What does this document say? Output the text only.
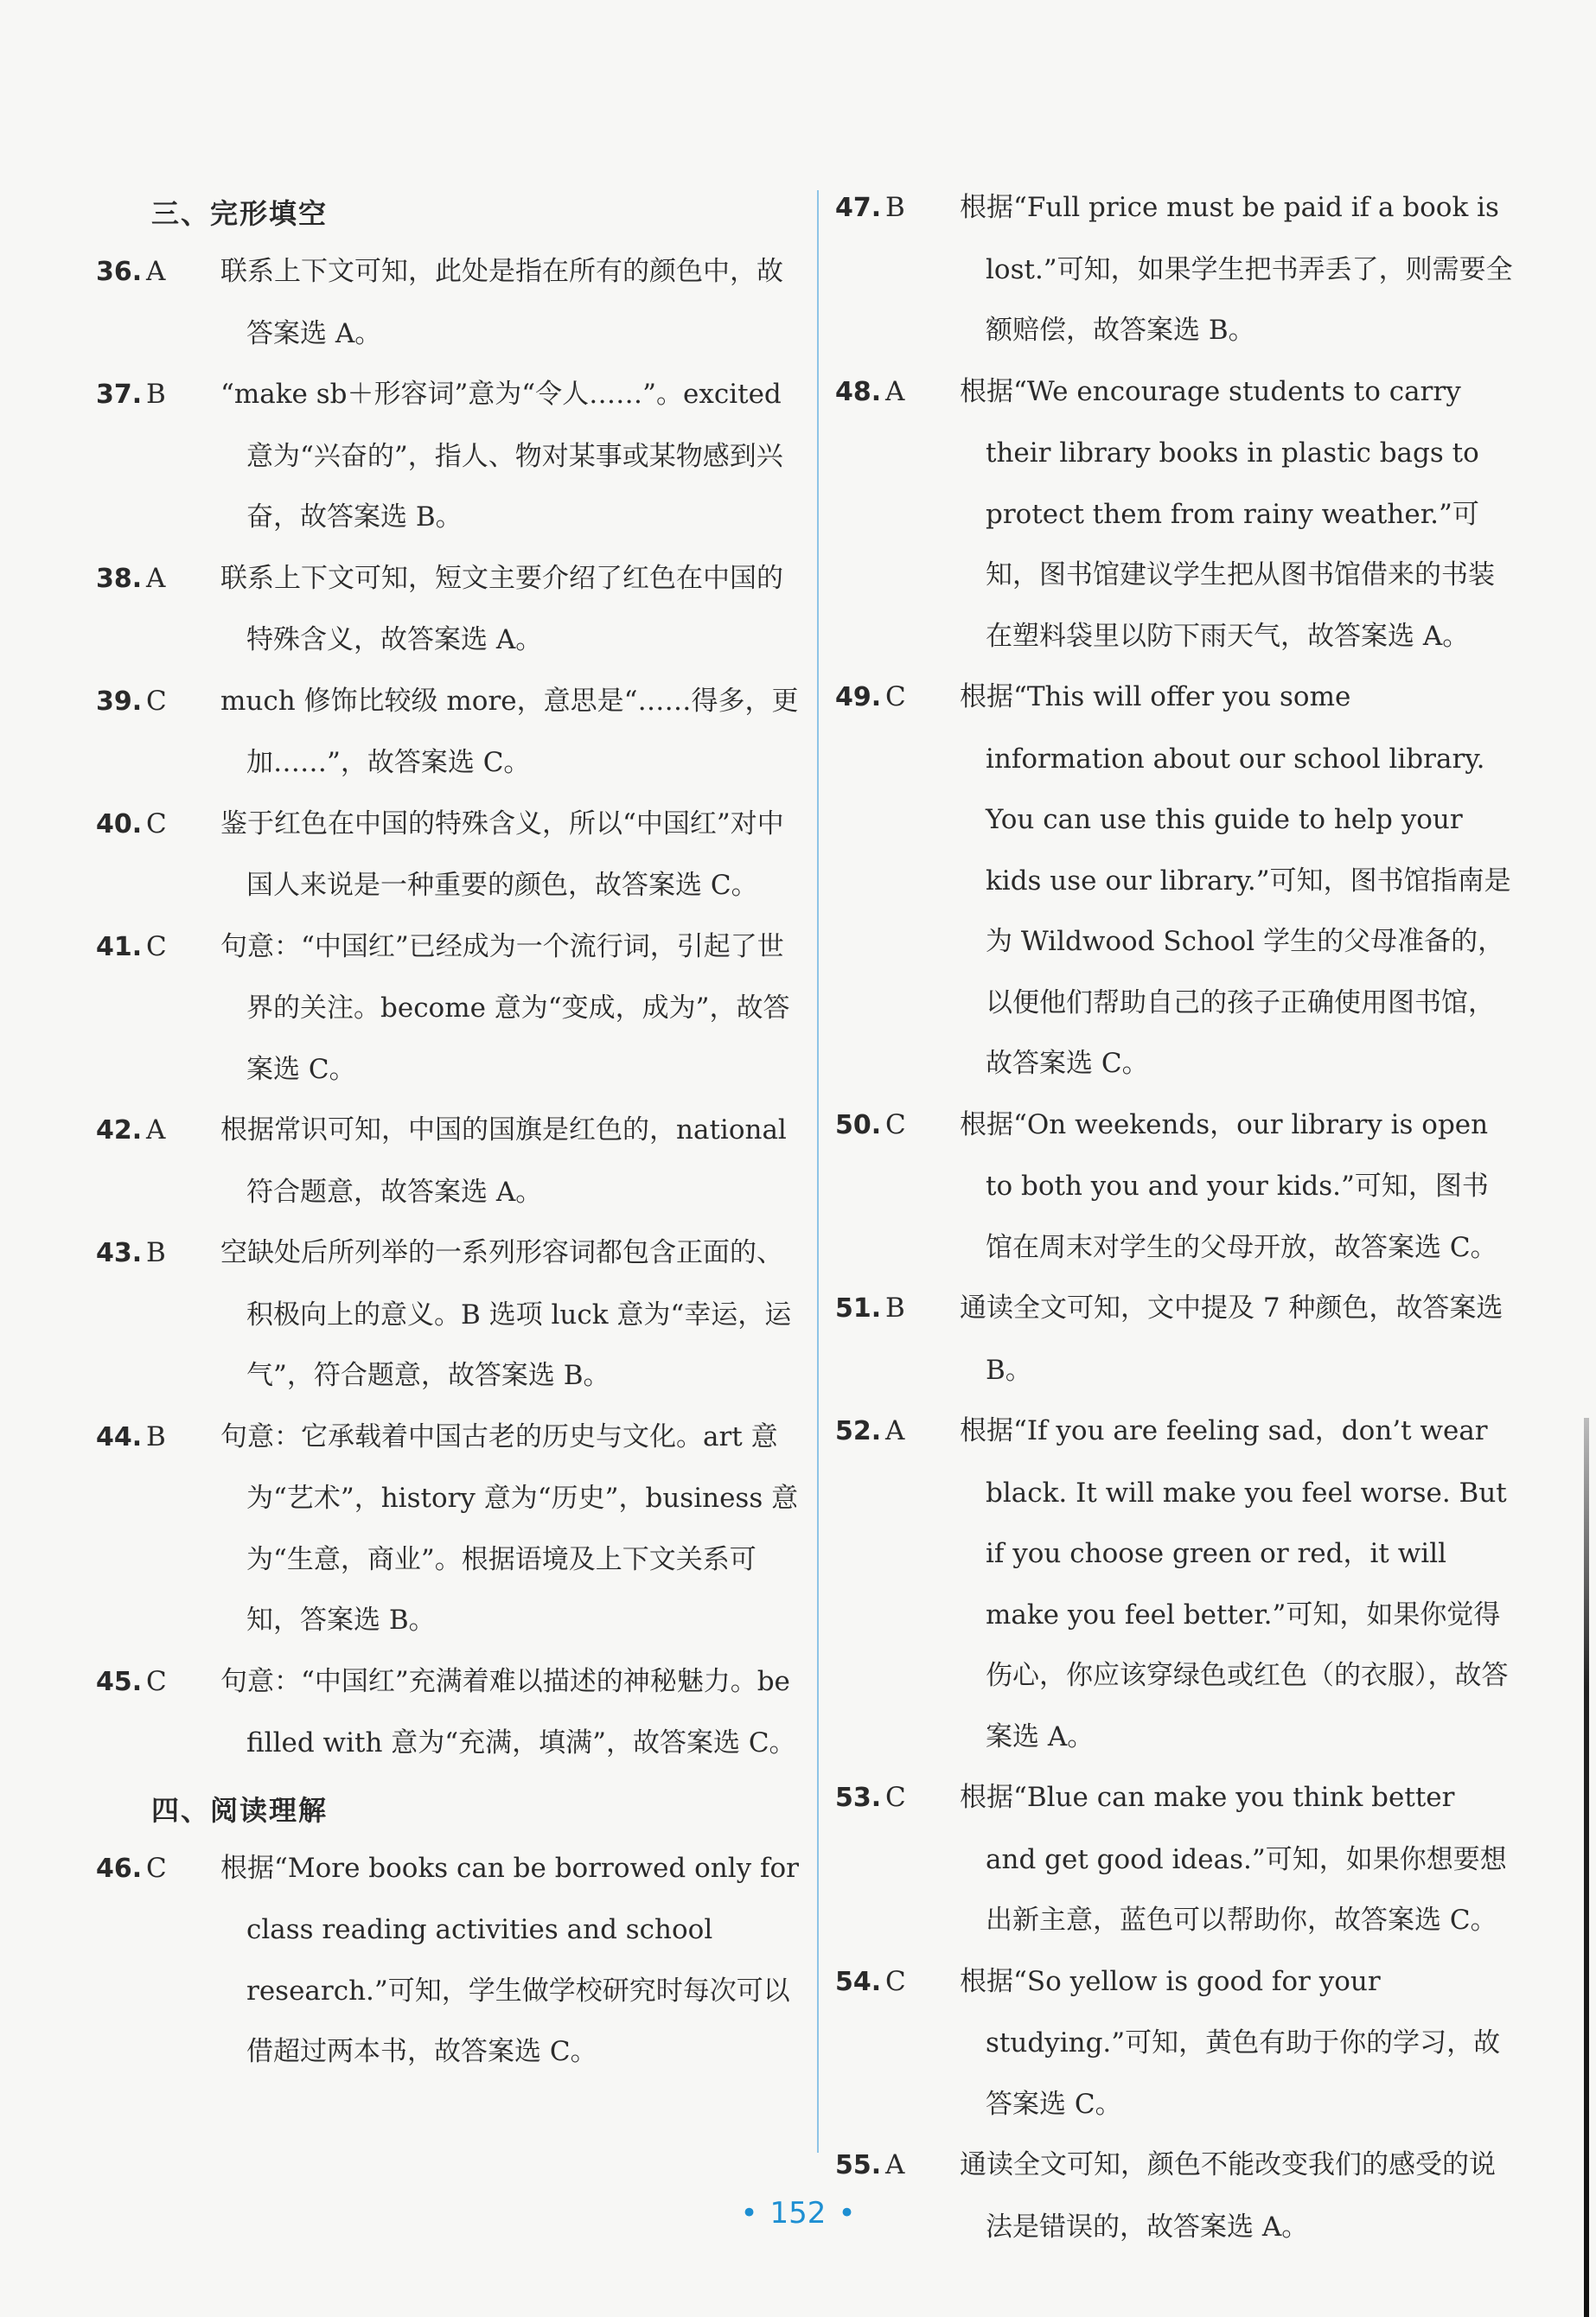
三、完形填空
36. A 联系上下文可知，此处是指在所有的颜色中，故答案选 A。
37. B “make sb＋形容词”意为“令人……”。excited 意为“兴奋的”，指人、物对某事或某物感到兴奋，故答案选 B。
38. A 联系上下文可知，短文主要介绍了红色在中国的特殊含义，故答案选 A。
39. C much 修饰比较级 more，意思是“……得多，更加……”，故答案选 C。
40. C 鉴于红色在中国的特殊含义，所以“中国红”对中国人来说是一种重要的颜色，故答案选 C。
41. C 句意：“中国红”已经成为一个流行词，引起了世界的关注。become 意为“变成，成为”，故答案选 C。
42. A 根据常识可知，中国的国旗是红色的，national 符合题意，故答案选 A。
43. B 空缺处后所列举的一系列形容词都包含正面的、积极向上的意义。B 选项 luck 意为“幸运，运气”，符合题意，故答案选 B。
44. B 句意：它承载着中国古老的历史与文化。art 意为“艺术”，history 意为“历史”，business 意为“生意，商业”。根据语境及上下文关系可知，答案选 B。
45. C 句意：“中国红”充满着难以描述的神秘魅力。be filled with 意为“充满，填满”，故答案选 C。
四、阅读理解
46. C 根据“More books can be borrowed only for class reading activities and school research.”可知，学生做学校研究时每次可以借超过两本书，故答案选 C。
47. B 根据“Full price must be paid if a book is lost.”可知，如果学生把书弄丢了，则需要全额赔偿，故答案选 B。
48. A 根据“We encourage students to carry their library books in plastic bags to protect them from rainy weather.”可知，图书馆建议学生把从图书馆借来的书装在塑料袋里以防下雨天气，故答案选 A。
49. C 根据“This will offer you some information about our school library. You can use this guide to help your kids use our library.”可知，图书馆指南是为 Wildwood School 学生的父母准备的，以便他们帮助自己的孩子正确使用图书馆，故答案选 C。
50. C 根据“On weekends，our library is open to both you and your kids.”可知，图书馆在周末对学生的父母开放，故答案选 C。
51. B 通读全文可知，文中提及 7 种颜色，故答案选 B。
52. A 根据“If you are feeling sad，don’t wear black. It will make you feel worse. But if you choose green or red，it will make you feel better.”可知，如果你觉得伤心，你应该穿绿色或红色（的衣服），故答案选 A。
53. C 根据“Blue can make you think better and get good ideas.”可知，如果你想要想出新主意，蓝色可以帮助你，故答案选 C。
54. C 根据“So yellow is good for your studying.”可知，黄色有助于你的学习，故答案选 C。
55. A 通读全文可知，颜色不能改变我们的感受的说法是错误的，故答案选 A。
• 152 •
